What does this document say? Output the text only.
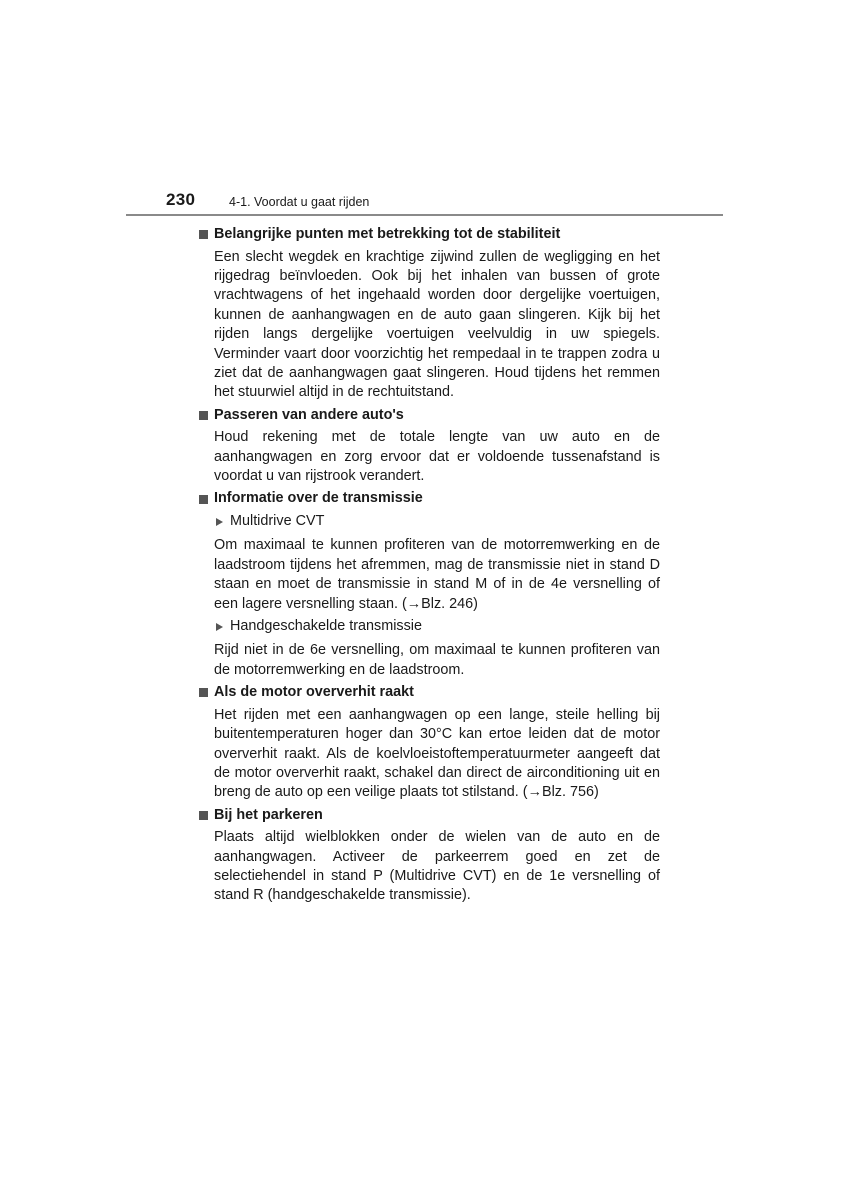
230	4-1. Voordat u gaat rijden
Belangrijke punten met betrekking tot de stabiliteit

Een slecht wegdek en krachtige zijwind zullen de wegligging en het rijgedrag beïnvloeden. Ook bij het inhalen van bussen of grote vrachtwagens of het ingehaald worden door dergelijke voertuigen, kunnen de aanhangwagen en de auto gaan slingeren. Kijk bij het rijden langs dergelijke voertuigen veelvuldig in uw spiegels. Verminder vaart door voorzichtig het rempedaal in te trappen zodra u ziet dat de aanhangwagen gaat slingeren. Houd tijdens het remmen het stuurwiel altijd in de rechtuitstand.

Passeren van andere auto's

Houd rekening met de totale lengte van uw auto en de aanhangwagen en zorg ervoor dat er voldoende tussenafstand is voordat u van rijstrook verandert.

Informatie over de transmissie
Multidrive CVT

Om maximaal te kunnen profiteren van de motorremwerking en de laadstroom tijdens het afremmen, mag de transmissie niet in stand D staan en moet de transmissie in stand M of in de 4e versnelling of een lagere versnelling staan. (→Blz. 246)

Handgeschakelde transmissie

Rijd niet in de 6e versnelling, om maximaal te kunnen profiteren van de motorremwerking en de laadstroom.

Als de motor oververhit raakt

Het rijden met een aanhangwagen op een lange, steile helling bij buitentemperaturen hoger dan 30°C kan ertoe leiden dat de motor oververhit raakt. Als de koelvloeistoftemperatuurmeter aangeeft dat de motor oververhit raakt, schakel dan direct de airconditioning uit en breng de auto op een veilige plaats tot stilstand. (→Blz. 756)

Bij het parkeren

Plaats altijd wielblokken onder de wielen van de auto en de aanhangwagen. Activeer de parkeerrem goed en zet de selectiehendel in stand P (Multidrive CVT) en de 1e versnelling of stand R (handgeschakelde transmissie).
